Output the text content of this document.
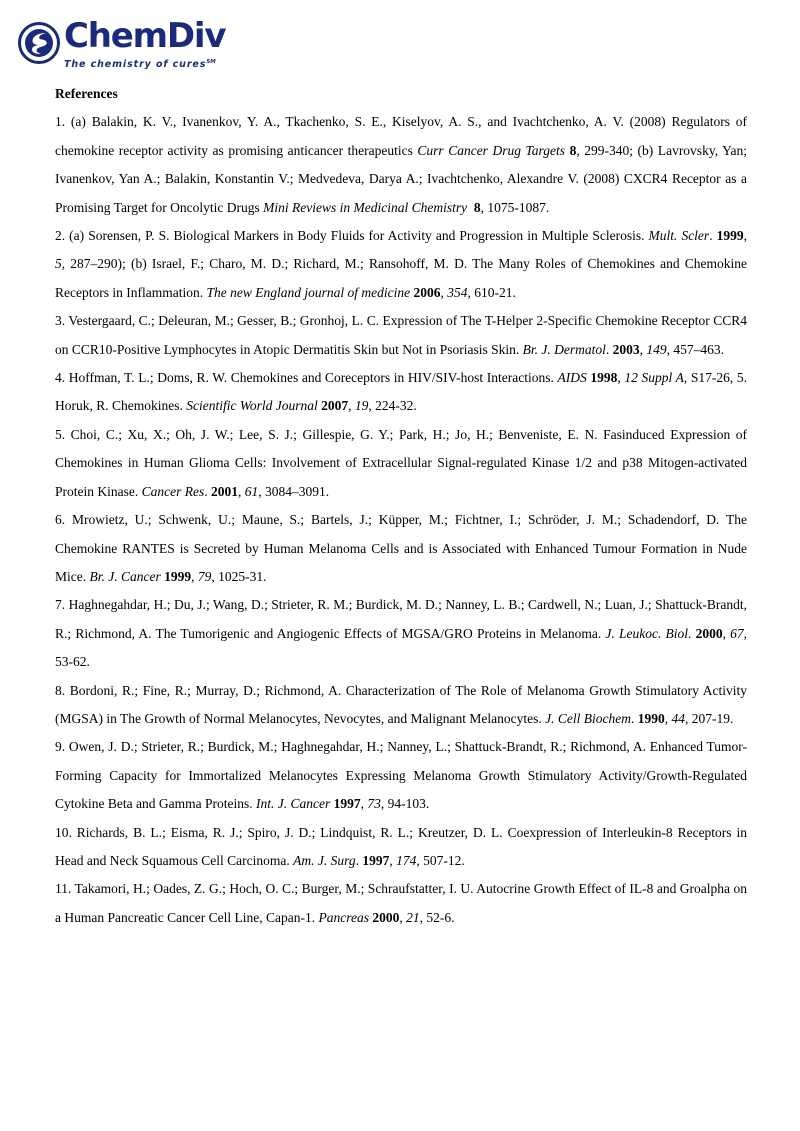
ChemDiv The chemistry of cures℠
References

1. (a) Balakin, K. V., Ivanenkov, Y. A., Tkachenko, S. E., Kiselyov, A. S., and Ivachtchenko, A. V. (2008) Regulators of chemokine receptor activity as promising anticancer therapeutics Curr Cancer Drug Targets 8, 299-340; (b) Lavrovsky, Yan; Ivanenkov, Yan A.; Balakin, Konstantin V.; Medvedeva, Darya A.; Ivachtchenko, Alexandre V. (2008) CXCR4 Receptor as a Promising Target for Oncolytic Drugs Mini Reviews in Medicinal Chemistry 8, 1075-1087.

2. (a) Sorensen, P. S. Biological Markers in Body Fluids for Activity and Progression in Multiple Sclerosis. Mult. Scler. 1999, 5, 287–290); (b) Israel, F.; Charo, M. D.; Richard, M.; Ransohoff, M. D. The Many Roles of Chemokines and Chemokine Receptors in Inflammation. The new England journal of medicine 2006, 354, 610-21.

3. Vestergaard, C.; Deleuran, M.; Gesser, B.; Gronhoj, L. C. Expression of The T-Helper 2-Specific Chemokine Receptor CCR4 on CCR10-Positive Lymphocytes in Atopic Dermatitis Skin but Not in Psoriasis Skin. Br. J. Dermatol. 2003, 149, 457–463.

4. Hoffman, T. L.; Doms, R. W. Chemokines and Coreceptors in HIV/SIV-host Interactions. AIDS 1998, 12 Suppl A, S17-26, 5. Horuk, R. Chemokines. Scientific World Journal 2007, 19, 224-32.

5. Choi, C.; Xu, X.; Oh, J. W.; Lee, S. J.; Gillespie, G. Y.; Park, H.; Jo, H.; Benveniste, E. N. Fasinduced Expression of Chemokines in Human Glioma Cells: Involvement of Extracellular Signal-regulated Kinase 1/2 and p38 Mitogen-activated Protein Kinase. Cancer Res. 2001, 61, 3084–3091.

6. Mrowietz, U.; Schwenk, U.; Maune, S.; Bartels, J.; Küpper, M.; Fichtner, I.; Schröder, J. M.; Schadendorf, D. The Chemokine RANTES is Secreted by Human Melanoma Cells and is Associated with Enhanced Tumour Formation in Nude Mice. Br. J. Cancer 1999, 79, 1025-31.

7. Haghnegahdar, H.; Du, J.; Wang, D.; Strieter, R. M.; Burdick, M. D.; Nanney, L. B.; Cardwell, N.; Luan, J.; Shattuck-Brandt, R.; Richmond, A. The Tumorigenic and Angiogenic Effects of MGSA/GRO Proteins in Melanoma. J. Leukoc. Biol. 2000, 67, 53-62.

8. Bordoni, R.; Fine, R.; Murray, D.; Richmond, A. Characterization of The Role of Melanoma Growth Stimulatory Activity (MGSA) in The Growth of Normal Melanocytes, Nevocytes, and Malignant Melanocytes. J. Cell Biochem. 1990, 44, 207-19.

9. Owen, J. D.; Strieter, R.; Burdick, M.; Haghnegahdar, H.; Nanney, L.; Shattuck-Brandt, R.; Richmond, A. Enhanced Tumor-Forming Capacity for Immortalized Melanocytes Expressing Melanoma Growth Stimulatory Activity/Growth-Regulated Cytokine Beta and Gamma Proteins. Int. J. Cancer 1997, 73, 94-103.

10. Richards, B. L.; Eisma, R. J.; Spiro, J. D.; Lindquist, R. L.; Kreutzer, D. L. Coexpression of Interleukin-8 Receptors in Head and Neck Squamous Cell Carcinoma. Am. J. Surg. 1997, 174, 507-12.

11. Takamori, H.; Oades, Z. G.; Hoch, O. C.; Burger, M.; Schraufstatter, I. U. Autocrine Growth Effect of IL-8 and Groalpha on a Human Pancreatic Cancer Cell Line, Capan-1. Pancreas 2000, 21, 52-6.
